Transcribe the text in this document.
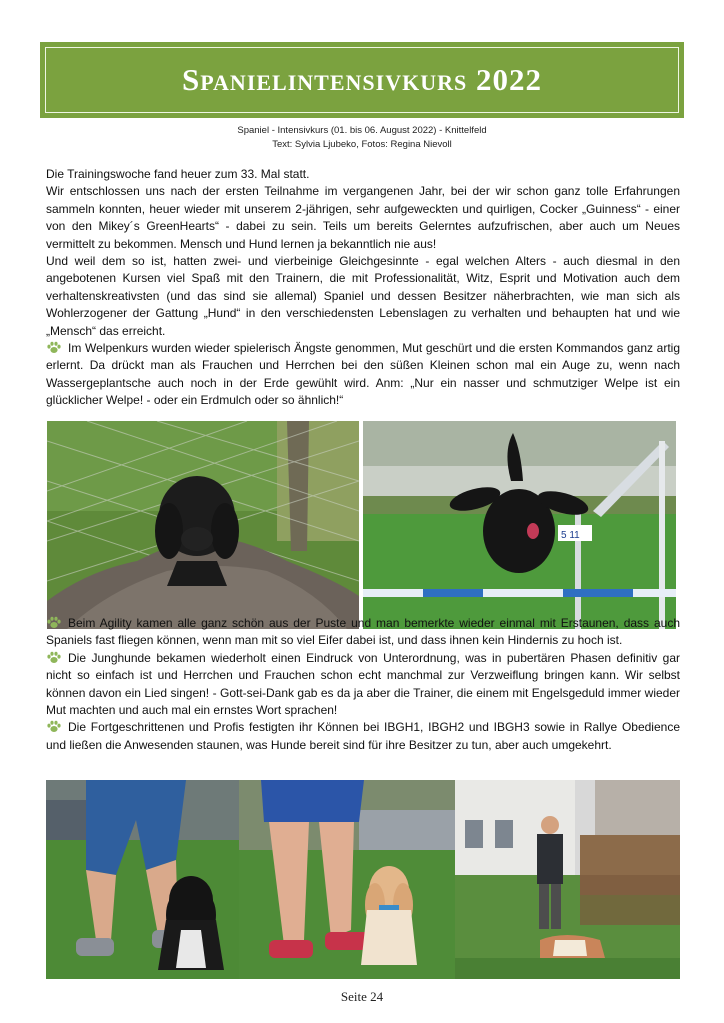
Spanielintensivkurs 2022
Spaniel - Intensivkurs (01. bis 06. August 2022) - Knittelfeld
Text: Sylvia Ljubeko, Fotos: Regina Nievoll
Die Trainingswoche fand heuer zum 33. Mal statt.
Wir entschlossen uns nach der ersten Teilnahme im vergangenen Jahr, bei der wir schon ganz tolle Erfahrungen sammeln konnten, heuer wieder mit unserem 2-jährigen, sehr aufgeweckten und quirligen, Cocker „Guinness“ - einer von den Mikey´s GreenHearts“ - dabei zu sein. Teils um bereits Gelerntes aufzufrischen, aber auch um Neues vermittelt zu bekommen. Mensch und Hund lernen ja bekanntlich nie aus!
Und weil dem so ist, hatten zwei- und vierbeinige Gleichgesinnte - egal welchen Alters - auch diesmal in den angebotenen Kursen viel Spaß mit den Trainern, die mit Professionalität, Witz, Esprit und Motivation auch dem verhaltenskreativsten (und das sind sie allemal) Spaniel und dessen Besitzer näherbrachten, wie man sich als Wohlerzogener der Gattung „Hund“ in den verschiedensten Lebenslagen zu verhalten und behaupten hat und wie „Mensch“ das erreicht.
Im Welpenkurs wurden wieder spielerisch Ängste genommen, Mut geschürt und die ersten Kommandos ganz artig erlernt. Da drückt man als Frauchen und Herrchen bei den süßen Kleinen schon mal ein Auge zu, wenn nach Wassergeplantsche auch noch in der Erde gewühlt wird. Anm: „Nur ein nasser und schmutziger Welpe ist ein glücklicher Welpe! - oder ein Erdmulch oder so ähnlich!“
5 11
Beim Agility kamen alle ganz schön aus der Puste und man bemerkte wieder einmal mit Erstaunen, dass auch Spaniels fast fliegen können, wenn man mit so viel Eifer dabei ist, und dass ihnen kein Hindernis zu hoch ist.
Die Junghunde bekamen wiederholt einen Eindruck von Unterordnung, was in pubertären Phasen definitiv gar nicht so einfach ist und Herrchen und Frauchen schon echt manchmal zur Verzweiflung bringen kann. Wir selbst können davon ein Lied singen! - Gott-sei-Dank gab es da ja aber die Trainer, die einem mit Engelsgeduld immer wieder Mut machten und auch mal ein ernstes Wort sprachen!
Die Fortgeschrittenen und Profis festigten ihr Können bei IBGH1, IBGH2 und IBGH3 sowie in Rallye Obedience und ließen die Anwesenden staunen, was Hunde bereit sind für ihre Besitzer zu tun, aber auch umgekehrt.
Seite 24
